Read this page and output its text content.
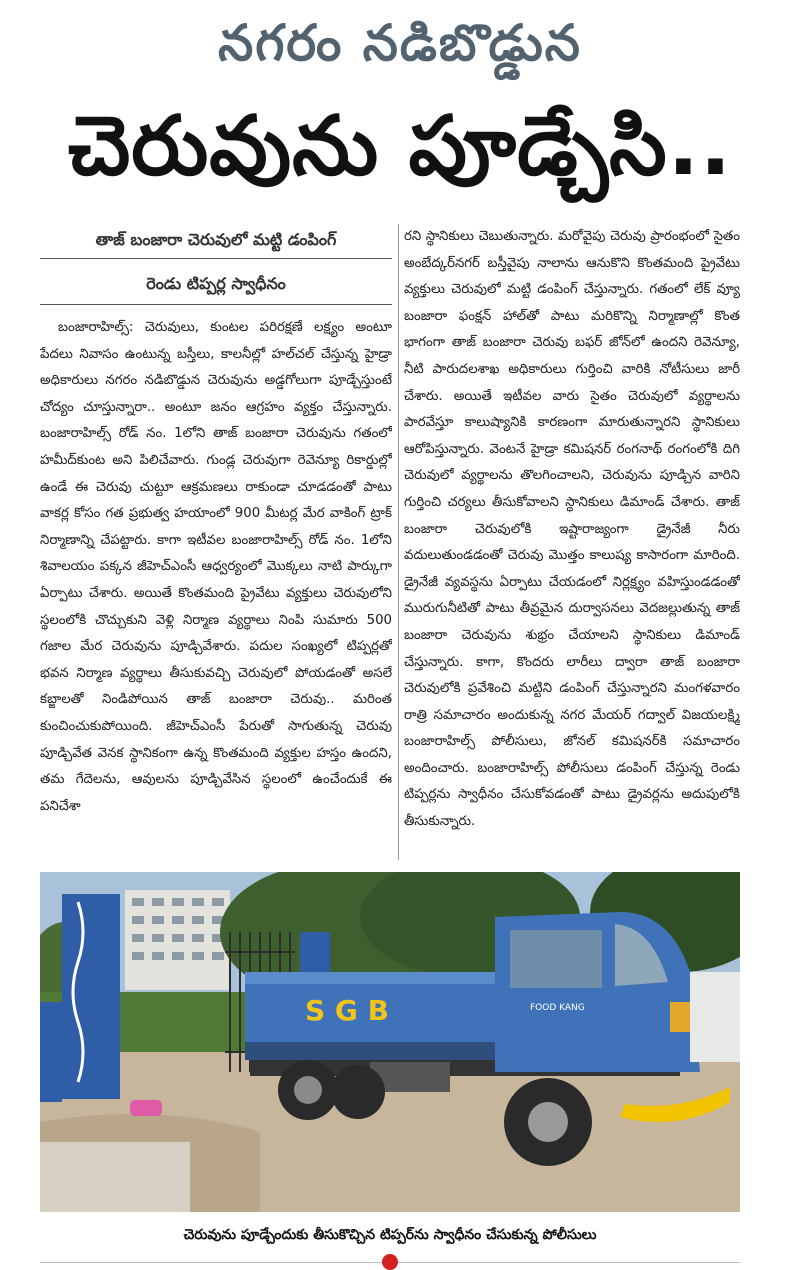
నగరం నడిబొడ్డున
చెరువును పూడ్చేసి..
తాజ్ బంజారా చెరువులో మట్టి డంపింగ్
రెండు టిప్పర్ల స్వాధీనం
బంజారాహిల్స్: చెరువులు, కుంటల పరిరక్షణే లక్ష్యం అంటూ పేదలు నివాసం ఉంటున్న బస్తీలు, కాలనీల్లో హల్‌చల్ చేస్తున్న హైడ్రా అధికారులు నగరం నడిబొడ్డున చెరువును అడ్డగోలుగా పూడ్చేస్తుంటే చోద్యం చూస్తున్నారా.. అంటూ జనం ఆగ్రహం వ్యక్తం చేస్తున్నారు. బంజారాహిల్స్ రోడ్ నం. 1లోని తాజ్ బంజారా చెరువును గతంలో హమీద్‌కుంట అని పిలిచేవారు. గుండ్ల చెరువుగా రెవెన్యూ రికార్డుల్లో ఉండే ఈ చెరువు చుట్టూ ఆక్రమణలు రాకుండా చూడడంతో పాటు వాకర్ల కోసం గత ప్రభుత్వ హయాంలో 900 మీటర్ల మేర వాకింగ్ ట్రాక్ నిర్మాణాన్ని చేపట్టారు. కాగా ఇటీవల బంజారాహిల్స్ రోడ్ నం. 1లోని శివాలయం పక్కన జీహెచ్‌ఎంసీ ఆధ్వర్యంలో మొక్కలు నాటి పార్కుగా ఏర్పాటు చేశారు. అయితే కొంతమంది ప్రైవేటు వ్యక్తులు చెరువులోని స్థలంలోకి చొచ్చుకుని వెళ్లి నిర్మాణ వ్యర్థాలు నింపి సుమారు 500 గజాల మేర చెరువును పూడ్చివేశారు. పదుల సంఖ్యలో టిప్పర్లతో భవన నిర్మాణ వ్యర్థాలు తీసుకువచ్చి చెరువులో పోయడంతో అసలే కబ్జాలతో నిండిపోయిన తాజ్ బంజారా చెరువు.. మరింత కుంచించుకుపోయింది. జీహెచ్‌ఎంసీ పేరుతో సాగుతున్న చెరువు పూడ్చివేత వెనక స్థానికంగా ఉన్న కొంతమంది వ్యక్తుల హస్తం ఉందని, తమ గేదెలను, ఆవులను పూడ్చివేసిన స్థలంలో ఉంచేందుకే ఈ పనిచేశా
రని స్థానికులు చెబుతున్నారు. మరోవైపు చెరువు ప్రారంభంలో సైతం అంబేద్కర్‌నగర్ బస్తీవైపు నాలాను ఆనుకొని కొంతమంది ప్రైవేటు వ్యక్తులు చెరువులో మట్టి డంపింగ్ చేస్తున్నారు. గతంలో లేక్ వ్యూ బంజారా ఫంక్షన్ హాల్‌తో పాటు మరికొన్ని నిర్మాణాల్లో కొంత భాగంగా తాజ్ బంజారా చెరువు బఫర్ జోన్‌లో ఉందని రెవెన్యూ, నీటి పారుదలశాఖ అధికారులు గుర్తించి వారికి నోటీసులు జారీ చేశారు. అయితే ఇటీవల వారు సైతం చెరువులో వ్యర్థాలను పారవేస్తూ కాలుష్యానికి కారణంగా మారుతున్నారని స్థానికులు ఆరోపిస్తున్నారు. వెంటనే హైడ్రా కమిషనర్ రంగనాథ్ రంగంలోకి దిగి చెరువులో వ్యర్థాలను తొలగించాలని, చెరువును పూడ్చిన వారిని గుర్తించి చర్యలు తీసుకోవాలని స్థానికులు డిమాండ్ చేశారు. తాజ్ బంజారా చెరువులోకి ఇష్టారాజ్యంగా డ్రైనేజీ నీరు వదులుతుండడంతో చెరువు మొత్తం కాలుష్య కాసారంగా మారింది. డ్రైనేజీ వ్యవస్థను ఏర్పాటు చేయడంలో నిర్లక్ష్యం వహిస్తుండడంతో మురుగునీటితో పాటు తీవ్రమైన దుర్వాసనలు వెదజల్లుతున్న తాజ్ బంజారా చెరువును శుభ్రం చేయాలని స్థానికులు డిమాండ్ చేస్తున్నారు. కాగా, కొందరు లారీలు ద్వారా తాజ్ బంజారా చెరువులోకి ప్రవేశించి మట్టిని డంపింగ్ చేస్తున్నారని మంగళవారం రాత్రి సమాచారం అందుకున్న నగర మేయర్ గద్వాల్ విజయలక్ష్మి బంజారాహిల్స్ పోలీసులు, జోనల్ కమిషనర్‌కి సమాచారం అందించారు. బంజారాహిల్స్ పోలీసులు డంపింగ్ చేస్తున్న రెండు టిప్పర్లను స్వాధీనం చేసుకోవడంతో పాటు డ్రైవర్లను అదుపులోకి తీసుకున్నారు.
S G B	FOOD KANG
చెరువును పూడ్చేందుకు తీసుకొచ్చిన టిప్పర్‌ను స్వాధీనం చేసుకున్న పోలీసులు
